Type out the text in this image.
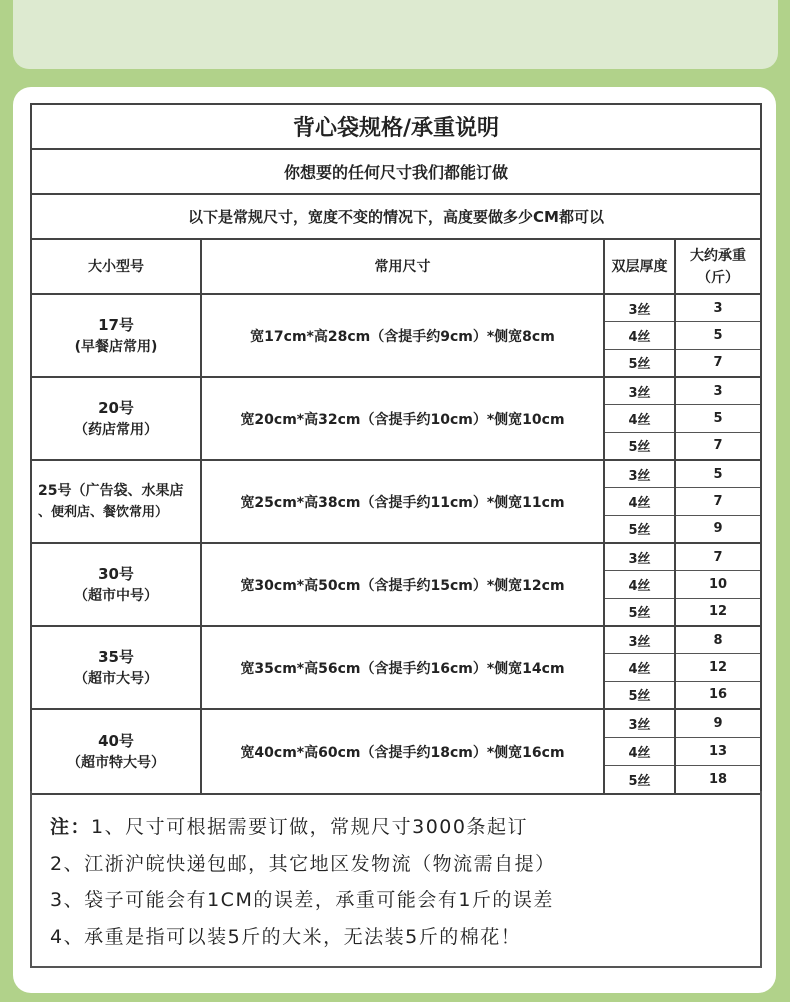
背心袋规格/承重说明
你想要的任何尺寸我们都能订做
以下是常规尺寸，宽度不变的情况下，高度要做多少CM都可以
大小型号	常用尺寸	双层厚度
大约承重
（斤）
17号
(早餐店常用)
宽17cm*高28cm（含提手约9cm）*侧宽8cm
3丝
4丝
5丝
3
5
7
20号
（药店常用）
宽20cm*高32cm（含提手约10cm）*侧宽10cm
3丝
4丝
5丝
3
5
7
25号（广告袋、水果店
、便利店、餐饮常用）
宽25cm*高38cm（含提手约11cm）*侧宽11cm
3丝
4丝
5丝
5
7
9
30号
（超市中号）
宽30cm*高50cm（含提手约15cm）*侧宽12cm
3丝
4丝
5丝
7
10
12
35号
（超市大号）
宽35cm*高56cm（含提手约16cm）*侧宽14cm
3丝
4丝
5丝
8
12
16
40号
（超市特大号）
宽40cm*高60cm（含提手约18cm）*侧宽16cm
3丝
4丝
5丝
9
13
18
注：1、尺寸可根据需要订做，常规尺寸3000条起订
2、江浙沪皖快递包邮，其它地区发物流（物流需自提）
3、袋子可能会有1CM的误差，承重可能会有1斤的误差
4、承重是指可以装5斤的大米，无法装5斤的棉花！
